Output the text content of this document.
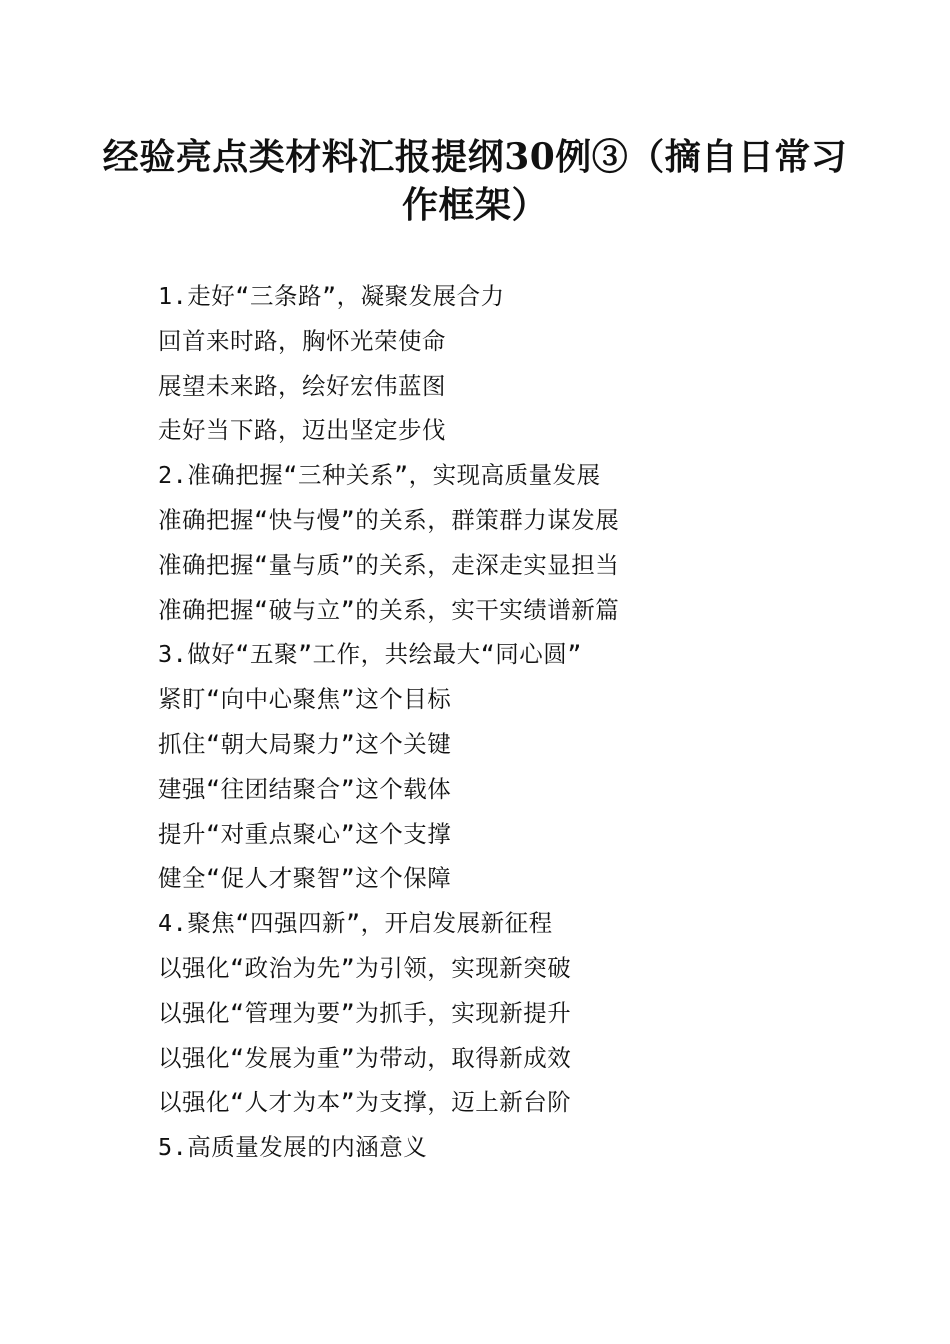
经验亮点类材料汇报提纲30例③（摘自日常习作框架）
1.走好“三条路”，凝聚发展合力
回首来时路，胸怀光荣使命
展望未来路，绘好宏伟蓝图
走好当下路，迈出坚定步伐
2.准确把握“三种关系”，实现高质量发展
准确把握“快与慢”的关系，群策群力谋发展
准确把握“量与质”的关系，走深走实显担当
准确把握“破与立”的关系，实干实绩谱新篇
3.做好“五聚”工作，共绘最大“同心圆”
紧盯“向中心聚焦”这个目标
抓住“朝大局聚力”这个关键
建强“往团结聚合”这个载体
提升“对重点聚心”这个支撑
健全“促人才聚智”这个保障
4.聚焦“四强四新”，开启发展新征程
以强化“政治为先”为引领，实现新突破
以强化“管理为要”为抓手，实现新提升
以强化“发展为重”为带动，取得新成效
以强化“人才为本”为支撑，迈上新台阶
5.高质量发展的内涵意义
